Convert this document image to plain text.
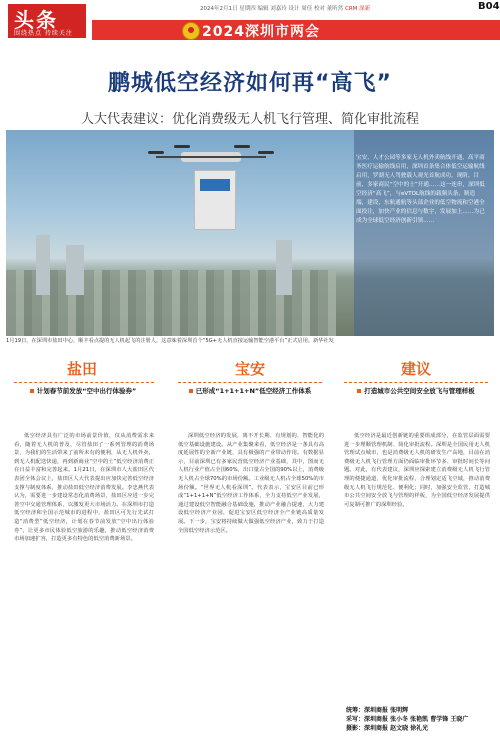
头条
围绕热点 持续关注
2024年2月1日 星期四 编辑 刘嘉玲 设计 周佳 校对 董昕然 CRM 深新	B04
2024深圳市两会
鹏城低空经济如何再“高飞”
人大代表建议：优化消费级无人机飞行管理、简化审批流程
宝安、人才公园等多家无人机外卖航线开通，高平商务医疗运输航线启用，深圳首条集合体低空运输航线启用，罗湖无人驾驶载人观光首航成功，现阶，目前，多家商民“空中的士”开通……这一连串，深圳低空经济“高飞”，与eVTOL航线的载频头条，制造端，建设，东航通航等头部企业的低空物流和空港全面投注，加快产业的信息与数字，发展加上……为已成为全球低空经济创新引领……
1月19日，在深圳市盐田中心，顺丰看点提的无人机起飞的注册人。这意味着深圳首个“5G+无人机直接运输智能空港平台”正式启用。新华社发
盐田
计划春节前发放“空中出行体验券”
低空经济具有广泛的市场前景价值，仅从消费需求来看，随着无人机的普及，尽管盐田了一系列管理的消费场景，为我们的生活带来了前所未有的便利，从无人机外卖，到无人机配送快递，再到新商业“空中的士”低空经济消费正在日益丰富和完善起来。1月21日，在深圳市人大盐田区代表团全体会议上，盐田区人大代表提出应加快完善低空经济支撑与制度体系，推动盐田低空经济消费发展。李忠燕代表认为，需要进一步建设常态化消费场景，盐田区应进一步完善空中交通管理体系，以激发更大市场活力。在深圳市打造低空经济和全国示范城市的进程中，盐田区可先行先试打造“消费型”低空经济，计划在春节前发放“空中出行体验券”，让更多市民体验低空旅游的乐趣，推动低空经济消费市场加速扩容，打造更多有特色的低空消费新场景。
宝安
已形成“1+1+1+N”低空经济工作体系
深圳低空经济的发展，离不开长期、有规划的、智能化的低空基础设施建设。从产业集聚来看，低空经济是一条具有高度延展性的全新产业链，具有极强的产业带动作用。有数据显示，目前深圳已有多家民营低空经济产业基础，其中，图而无人机行业产值占全国60%，出口量占全国的90%以上，消费级无人机占全球70%的市场份额。工业级无人机占全球50%的市场份额。“世界无人机看深圳”。代表表示，宝安区目前已形成“1+1+1+N”低空经济工作体系，全力支持低空产业发展，通过建设低空智能融合基础设施，推动产业融合提速，大力建设低空经济产业园，促进宝安区低空经济全产业链高质量发展。下一步，宝安将持续做大做强低空经济产业，致力于打造全国低空经济示范区。
建议
打造城市公共空间安全放飞与管理样板
低空经济是最近创新链的重要组成部分，在监管层面需要进一步理顺管理机制、简化审批流程。深圳是全国民用无人机管理试点城市，也是消费级无人机的研发生产高地，目前在消费级无人机飞行管理方面仍面临审批环节多、审批时间长等问题。对此，有代表建议，深圳应探索建立消费级无人机飞行管理的便捷通道，优化审批流程，合理划定适飞空域，推动消费级无人机飞行规范化、便利化；同时，加强安全监管，打造城市公共空间安全放飞与管理的样板，为全国低空经济发展提供可复制可推广的深圳经验。
统筹：深圳商报 张明辉
采写：深圳商报 张小冬 张艳凯 曹学锋 王晓广
摄影：深圳商报 赵文晓 徐礼光
